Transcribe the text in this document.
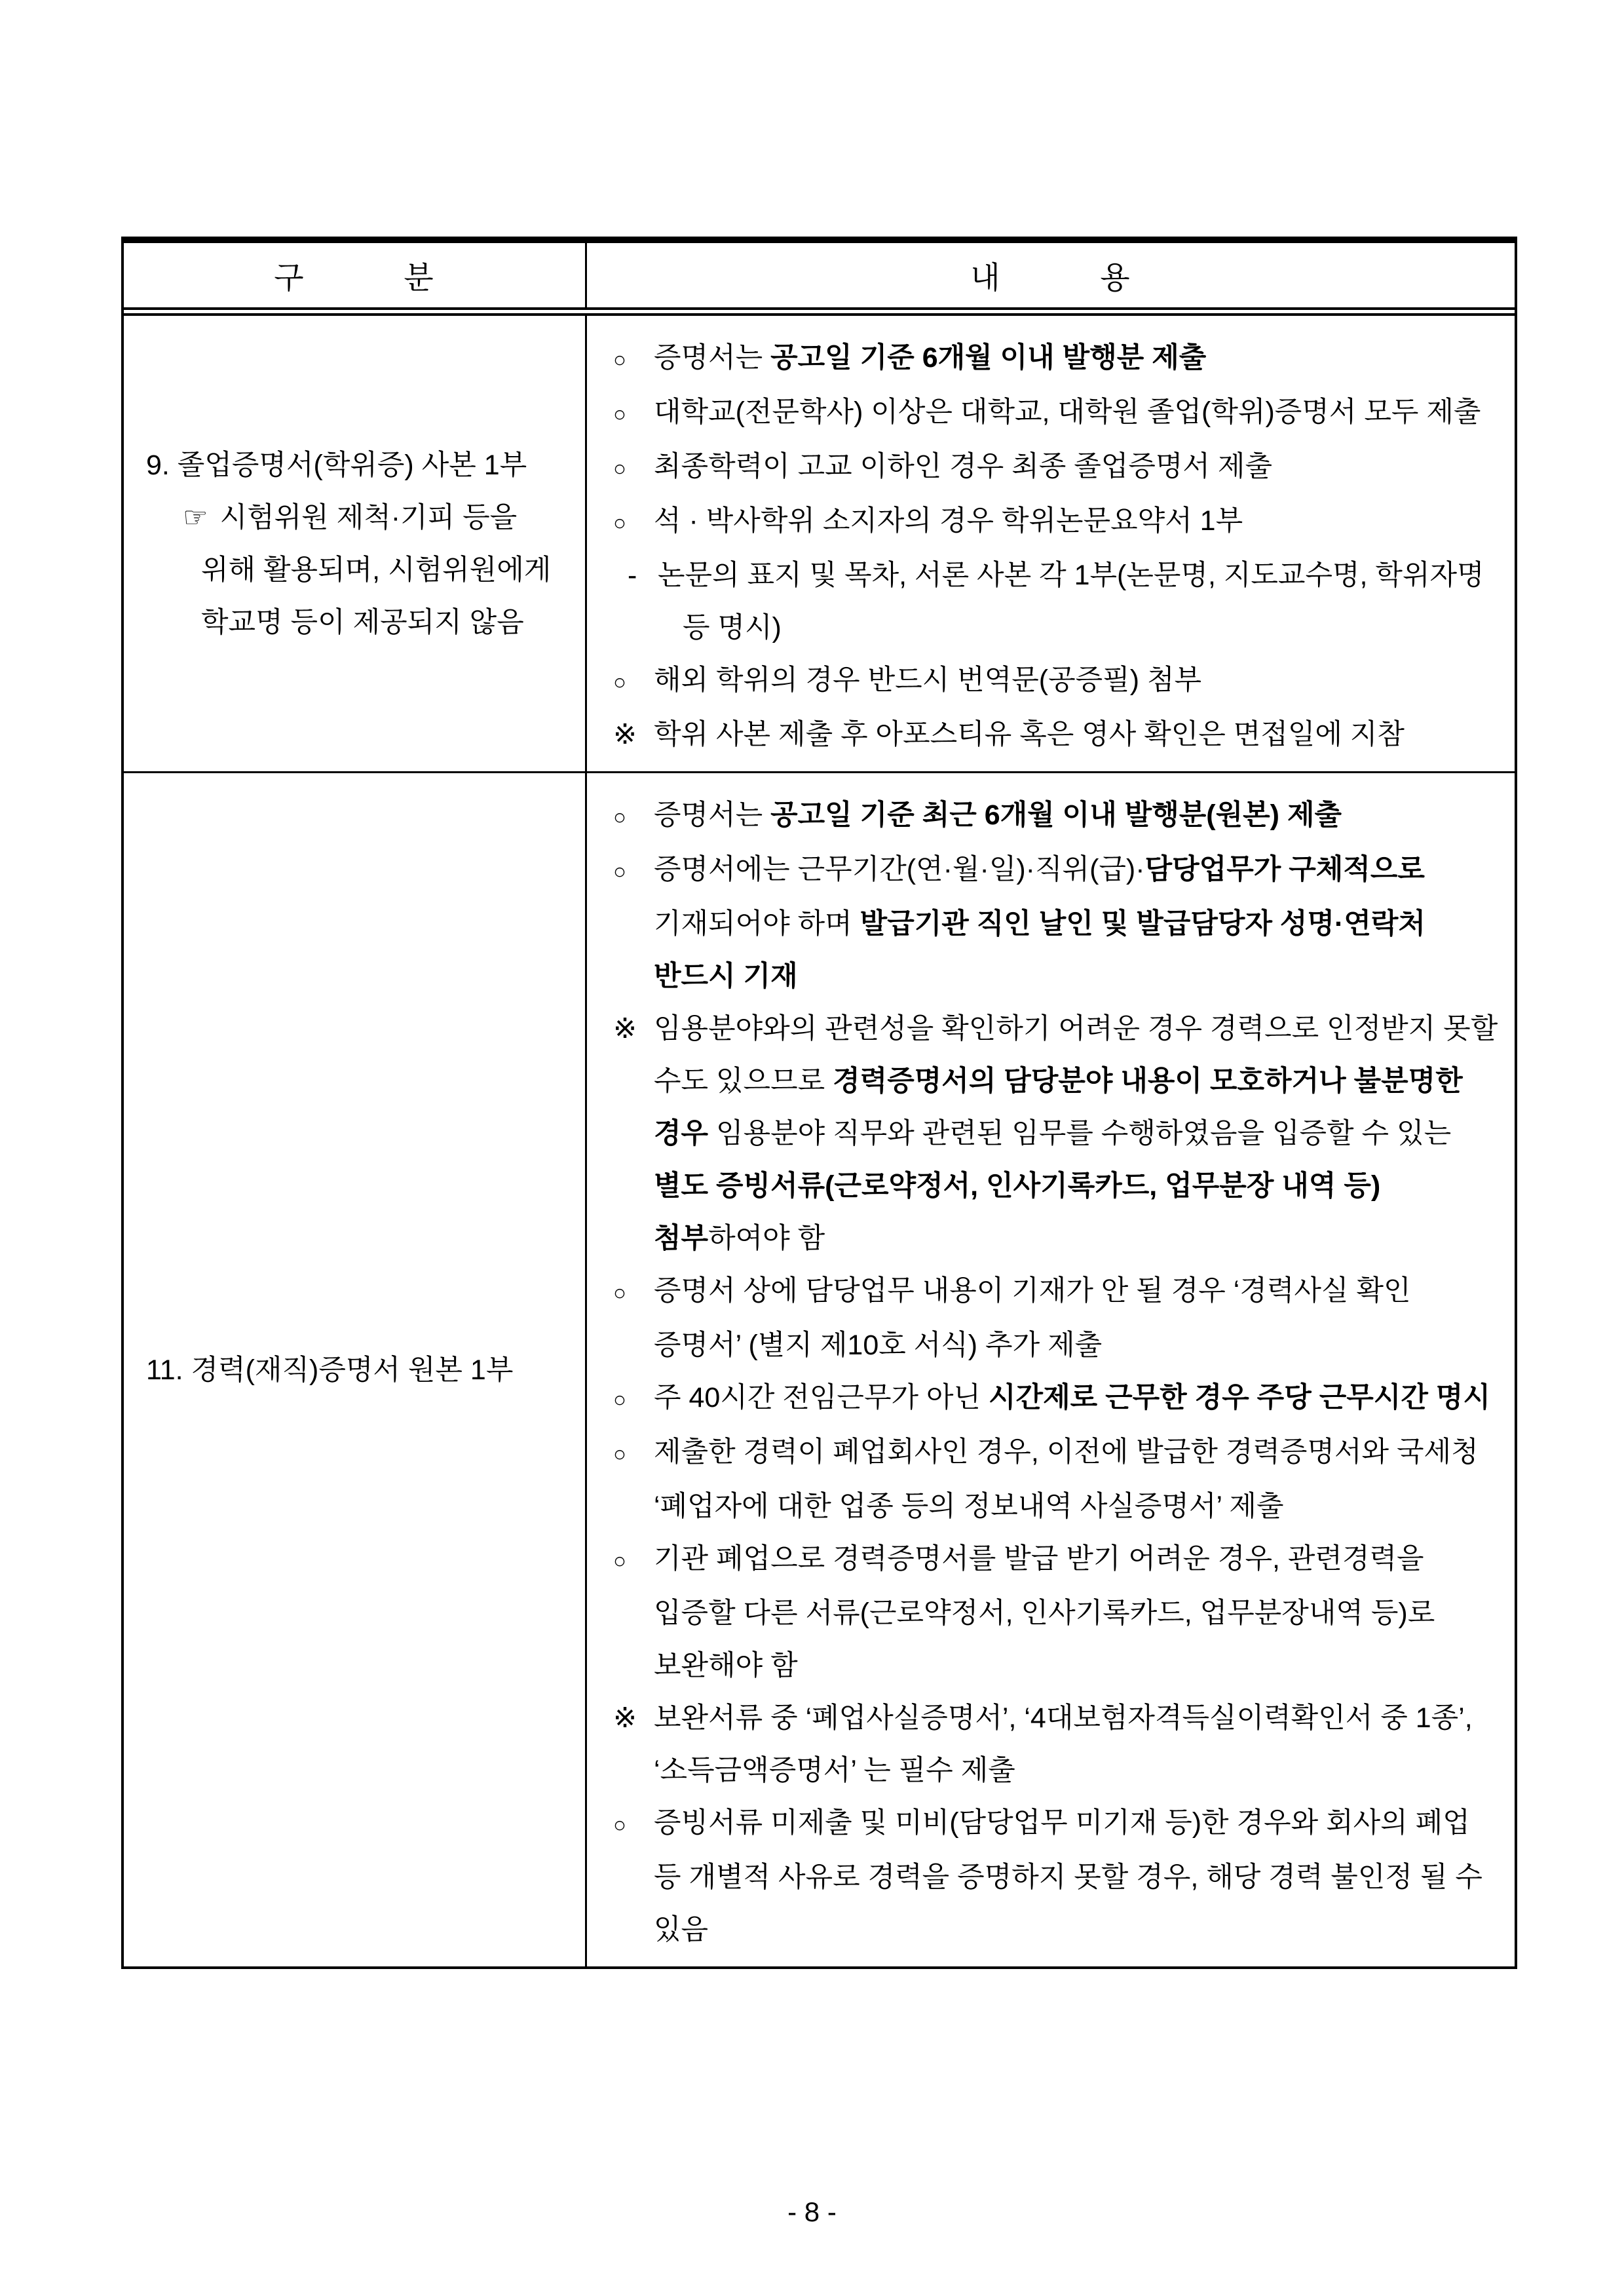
구          분	내          용
9. 졸업증명서(학위증) 사본 1부
☞ 시험위원 제척·기피 등을 위해 활용되며, 시험위원에게 학교명 등이 제공되지 않음
○ 증명서는 공고일 기준 6개월 이내 발행분 제출
○ 대학교(전문학사) 이상은 대학교, 대학원 졸업(학위)증명서 모두 제출
○ 최종학력이 고교 이하인 경우 최종 졸업증명서 제출
○ 석 · 박사학위 소지자의 경우 학위논문요약서 1부
- 논문의 표지 및 목차, 서론 사본 각 1부(논문명, 지도교수명, 학위자명 등 명시)
○ 해외 학위의 경우 반드시 번역문(공증필) 첨부
※ 학위 사본 제출 후 아포스티유 혹은 영사 확인은 면접일에 지참
11. 경력(재직)증명서 원본 1부
○ 증명서는 공고일 기준 최근 6개월 이내 발행분(원본) 제출
○ 증명서에는 근무기간(연·월·일)·직위(급)·담당업무가 구체적으로 기재되어야 하며 발급기관 직인 날인 및 발급담당자 성명·연락처 반드시 기재
※ 임용분야와의 관련성을 확인하기 어려운 경우 경력으로 인정받지 못할 수도 있으므로 경력증명서의 담당분야 내용이 모호하거나 불분명한 경우 임용분야 직무와 관련된 임무를 수행하였음을 입증할 수 있는 별도 증빙서류(근로약정서, 인사기록카드, 업무분장 내역 등) 첨부하여야 함
○ 증명서 상에 담당업무 내용이 기재가 안 될 경우 ‘경력사실 확인 증명서’ (별지 제10호 서식) 추가 제출
○ 주 40시간 전임근무가 아닌 시간제로 근무한 경우 주당 근무시간 명시
○ 제출한 경력이 폐업회사인 경우, 이전에 발급한 경력증명서와 국세청 ‘폐업자에 대한 업종 등의 정보내역 사실증명서’ 제출
○ 기관 폐업으로 경력증명서를 발급 받기 어려운 경우, 관련경력을 입증할 다른 서류(근로약정서, 인사기록카드, 업무분장내역 등)로 보완해야 함
※ 보완서류 중 ‘폐업사실증명서’, ‘4대보험자격득실이력확인서 중 1종’, ‘소득금액증명서’ 는 필수 제출
○ 증빙서류 미제출 및 미비(담당업무 미기재 등)한 경우와 회사의 폐업 등 개별적 사유로 경력을 증명하지 못할 경우, 해당 경력 불인정 될 수 있음
- 8 -
